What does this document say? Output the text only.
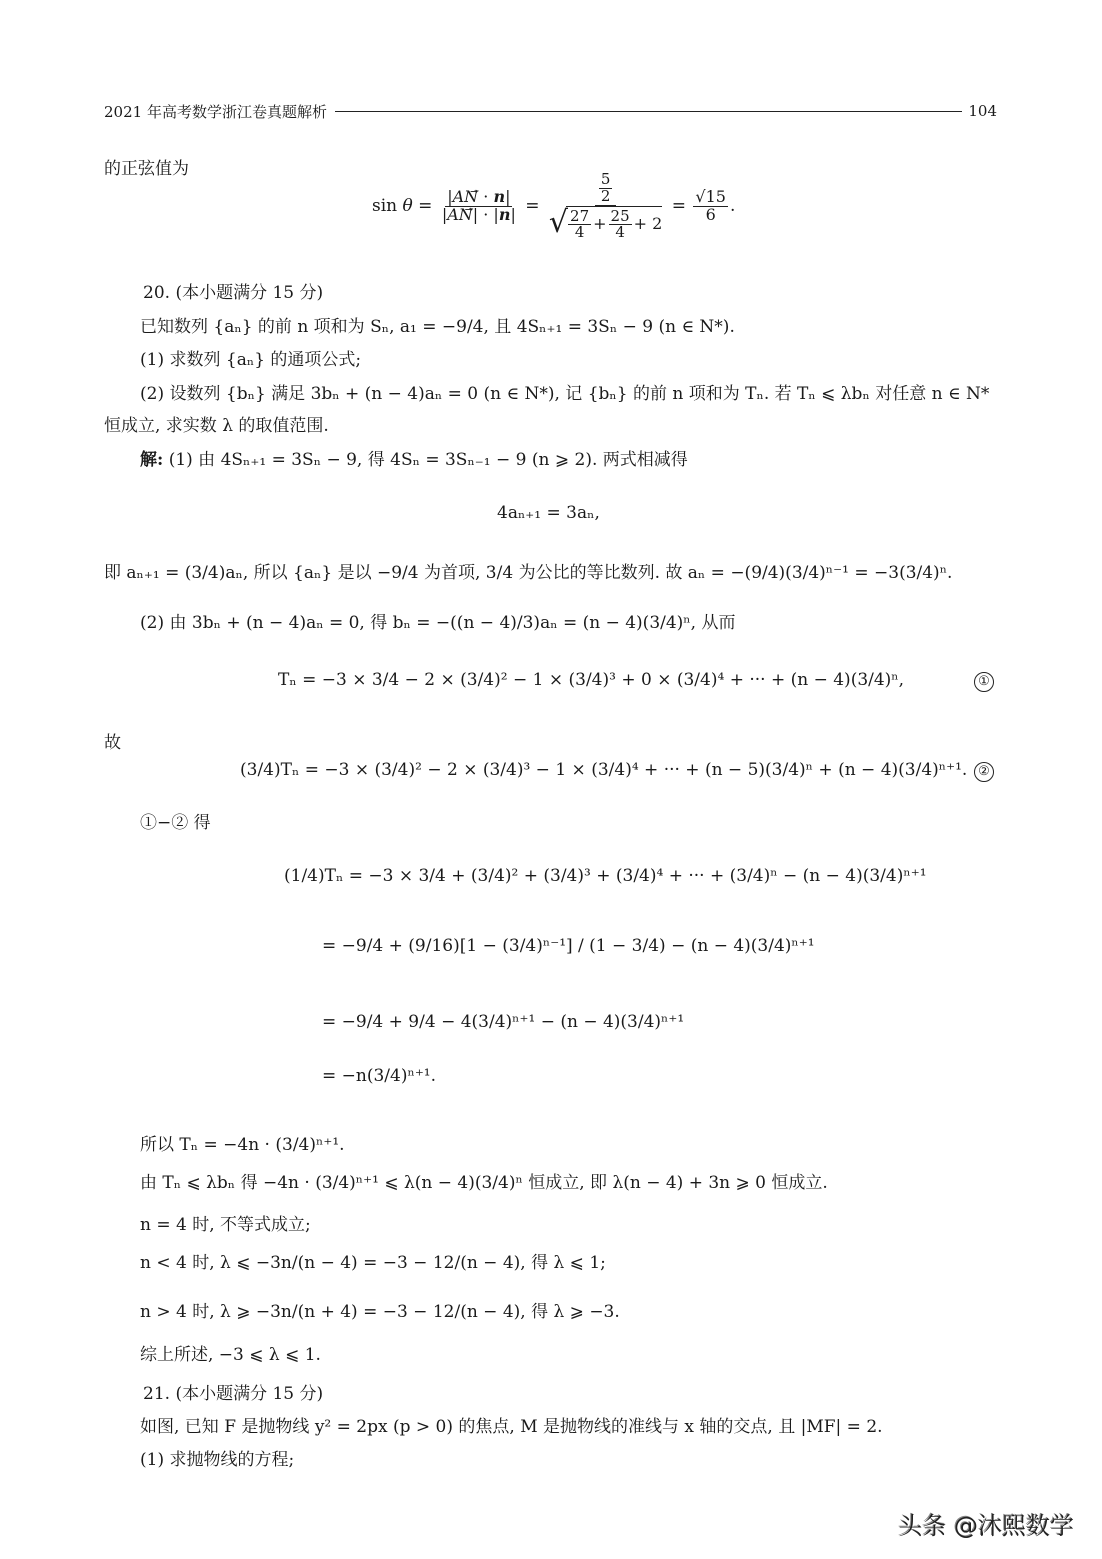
2021 年高考数学浙江卷真题解析	104
的正弦值为
$\sin \theta = \frac{|AN⃗ \cdot n|}{|AN⃗| \cdot |n|} = \frac{\frac{5}{2}}{√ \frac{27}{4} + \frac{25}{4} + 2} = \frac{√15}{6}$ .
20. (本小题满分 15 分)
已知数列 {aₙ} 的前 n 项和为 Sₙ, a₁ = −9/4, 且 4Sₙ₊₁ = 3Sₙ − 9 (n ∈ N*).
(1) 求数列 {aₙ} 的通项公式;
(2) 设数列 {bₙ} 满足 3bₙ + (n − 4)aₙ = 0 (n ∈ N*), 记 {bₙ} 的前 n 项和为 Tₙ. 若 Tₙ ⩽ λbₙ 对任意 n ∈ N*
恒成立, 求实数 λ 的取值范围.
解: (1) 由 4Sₙ₊₁ = 3Sₙ − 9, 得 4Sₙ = 3Sₙ₋₁ − 9 (n ⩾ 2). 两式相减得
4aₙ₊₁ = 3aₙ,
即 aₙ₊₁ = (3/4)aₙ, 所以 {aₙ} 是以 −9/4 为首项, 3/4 为公比的等比数列. 故 aₙ = −(9/4)(3/4)ⁿ⁻¹ = −3(3/4)ⁿ.
(2) 由 3bₙ + (n − 4)aₙ = 0, 得 bₙ = −((n − 4)/3)aₙ = (n − 4)(3/4)ⁿ, 从而
Tₙ = −3 × 3/4 − 2 × (3/4)² − 1 × (3/4)³ + 0 × (3/4)⁴ + ··· + (n − 4)(3/4)ⁿ,	①
故
(3/4)Tₙ = −3 × (3/4)² − 2 × (3/4)³ − 1 × (3/4)⁴ + ··· + (n − 5)(3/4)ⁿ + (n − 4)(3/4)ⁿ⁺¹. ②
①−② 得
(1/4)Tₙ = −3 × 3/4 + (3/4)² + (3/4)³ + (3/4)⁴ + ··· + (3/4)ⁿ − (n − 4)(3/4)ⁿ⁺¹
= −9/4 + (9/16)[1 − (3/4)ⁿ⁻¹] / (1 − 3/4) − (n − 4)(3/4)ⁿ⁺¹
= −9/4 + 9/4 − 4(3/4)ⁿ⁺¹ − (n − 4)(3/4)ⁿ⁺¹
= −n(3/4)ⁿ⁺¹.
所以 Tₙ = −4n · (3/4)ⁿ⁺¹.
由 Tₙ ⩽ λbₙ 得 −4n · (3/4)ⁿ⁺¹ ⩽ λ(n − 4)(3/4)ⁿ 恒成立, 即 λ(n − 4) + 3n ⩾ 0 恒成立.
n = 4 时, 不等式成立;
n < 4 时, λ ⩽ −3n/(n − 4) = −3 − 12/(n − 4), 得 λ ⩽ 1;
n > 4 时, λ ⩾ −3n/(n + 4) = −3 − 12/(n − 4), 得 λ ⩾ −3.
综上所述, −3 ⩽ λ ⩽ 1.
21. (本小题满分 15 分)
如图, 已知 F 是抛物线 y² = 2px (p > 0) 的焦点, M 是抛物线的准线与 x 轴的交点, 且 |MF| = 2.
(1) 求抛物线的方程;
头条 @沐熙数学
